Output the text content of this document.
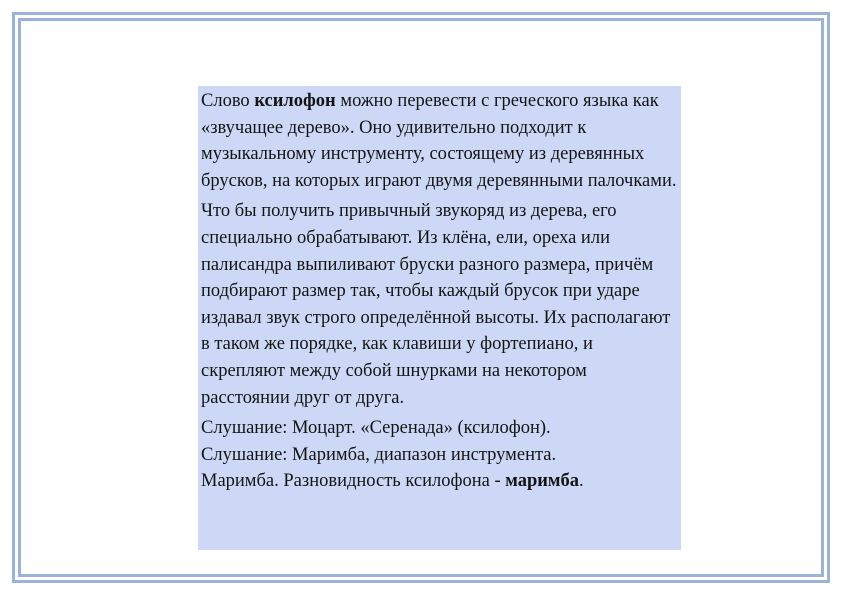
Слово ксилофон можно перевести с греческого языка как «звучащее дерево». Оно удивительно подходит к музыкальному инструменту, состоящему из деревянных брусков, на которых играют двумя деревянными палочками.

Что бы получить привычный звукоряд из дерева, его специально обрабатывают. Из клёна, ели, ореха или палисандра выпиливают бруски разного размера, причём подбирают размер так, чтобы каждый брусок при ударе издавал звук строго определённой высоты. Их располагают в таком же порядке, как клавиши у фортепиано, и скрепляют между собой шнурками на некотором расстоянии друг от друга.

Слушание: Моцарт. «Серенада» (ксилофон).
Слушание: Маримба, диапазон инструмента.
Маримба. Разновидность ксилофона - маримба.
